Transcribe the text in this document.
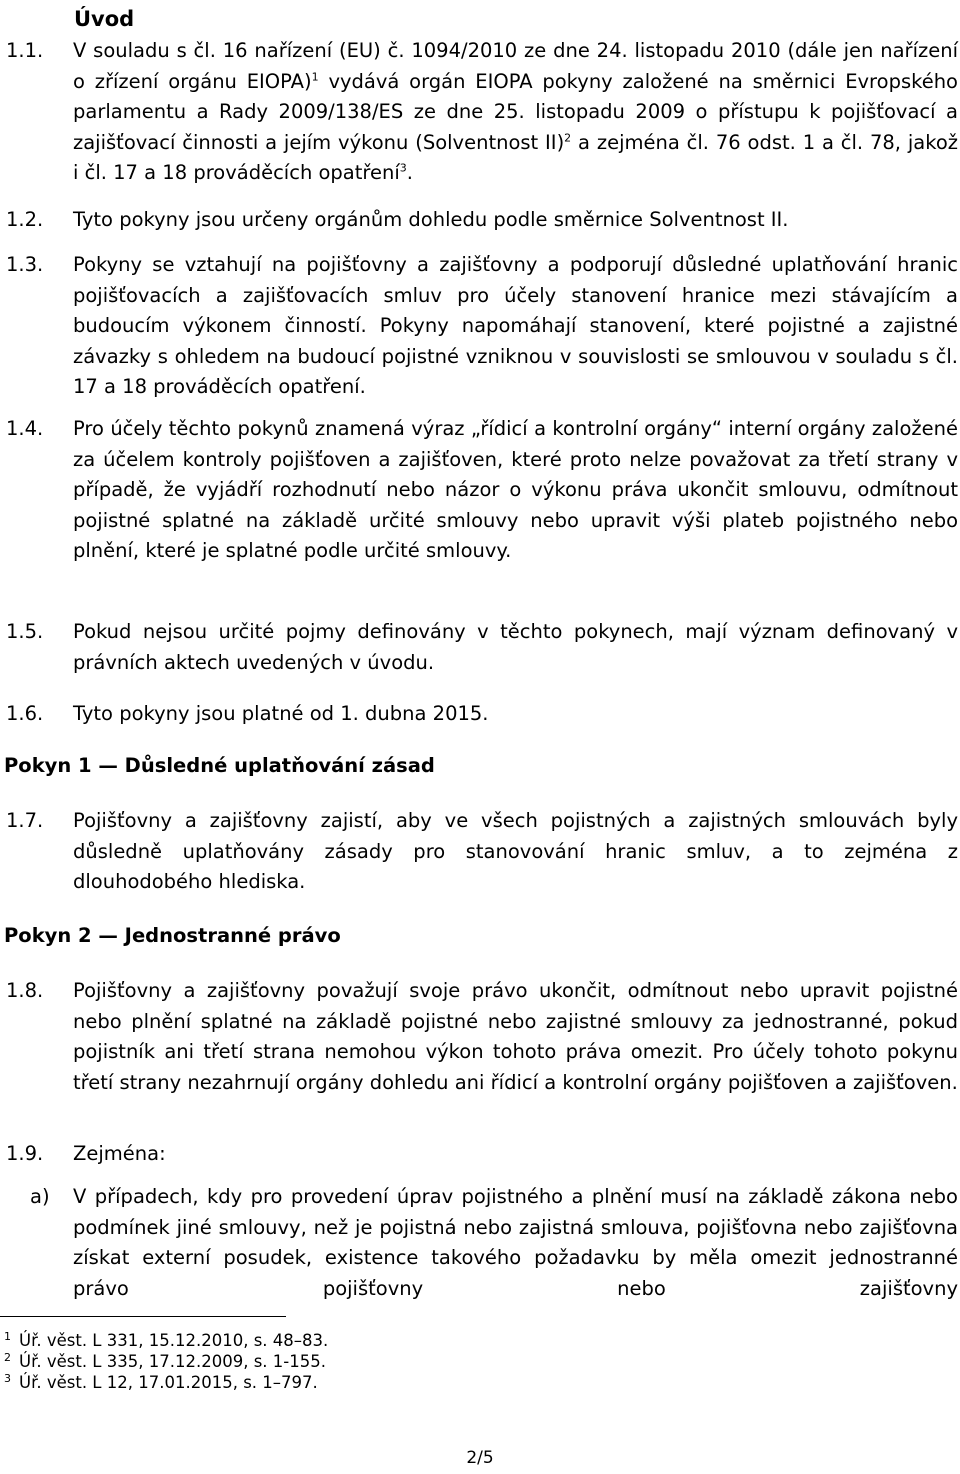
Úvod
1.1. V souladu s čl. 16 nařízení (EU) č. 1094/2010 ze dne 24. listopadu 2010 (dále jen nařízení o zřízení orgánu EIOPA)$^1$ vydává orgán EIOPA pokyny založené na směrnici Evropského parlamentu a Rady 2009/138/ES ze dne 25. listopadu 2009 o přístupu k pojišťovací a zajišťovací činnosti a jejím výkonu (Solventnost II)$^2$ a zejména čl. 76 odst. 1 a čl. 78, jakož i čl. 17 a 18 prováděcích opatření$^3$.
1.2. Tyto pokyny jsou určeny orgánům dohledu podle směrnice Solventnost II.
1.3. Pokyny se vztahují na pojišťovny a zajišťovny a podporují důsledné uplatňování hranic pojišťovacích a zajišťovacích smluv pro účely stanovení hranice mezi stávajícím a budoucím výkonem činností. Pokyny napomáhají stanovení, které pojistné a zajistné závazky s ohledem na budoucí pojistné vzniknou v souvislosti se smlouvou v souladu s čl. 17 a 18 prováděcích opatření.
1.4. Pro účely těchto pokynů znamená výraz „řídicí a kontrolní orgány“ interní orgány založené za účelem kontroly pojišťoven a zajišťoven, které proto nelze považovat za třetí strany v případě, že vyjádří rozhodnutí nebo názor o výkonu práva ukončit smlouvu, odmítnout pojistné splatné na základě určité smlouvy nebo upravit výši plateb pojistného nebo plnění, které je splatné podle určité smlouvy.
1.5. Pokud nejsou určité pojmy definovány v těchto pokynech, mají význam definovaný v právních aktech uvedených v úvodu.
1.6. Tyto pokyny jsou platné od 1. dubna 2015.
Pokyn 1 — Důsledné uplatňování zásad
1.7. Pojišťovny a zajišťovny zajistí, aby ve všech pojistných a zajistných smlouvách byly důsledně uplatňovány zásady pro stanovování hranic smluv, a to zejména z dlouhodobého hlediska.
Pokyn 2 — Jednostranné právo
1.8. Pojišťovny a zajišťovny považují svoje právo ukončit, odmítnout nebo upravit pojistné nebo plnění splatné na základě pojistné nebo zajistné smlouvy za jednostranné, pokud pojistník ani třetí strana nemohou výkon tohoto práva omezit. Pro účely tohoto pokynu třetí strany nezahrnují orgány dohledu ani řídicí a kontrolní orgány pojišťoven a zajišťoven.
1.9. Zejména:
a) V případech, kdy pro provedení úprav pojistného a plnění musí na základě zákona nebo podmínek jiné smlouvy, než je pojistná nebo zajistná smlouva, pojišťovna nebo zajišťovna získat externí posudek, existence takového požadavku by měla omezit jednostranné právo pojišťovny nebo zajišťovny
$^1$ Úř. věst. L 331, 15.12.2010, s. 48–83.
$^2$ Úř. věst. L 335, 17.12.2009, s. 1-155.
$^3$ Úř. věst. L 12, 17.01.2015, s. 1–797.
2/5
